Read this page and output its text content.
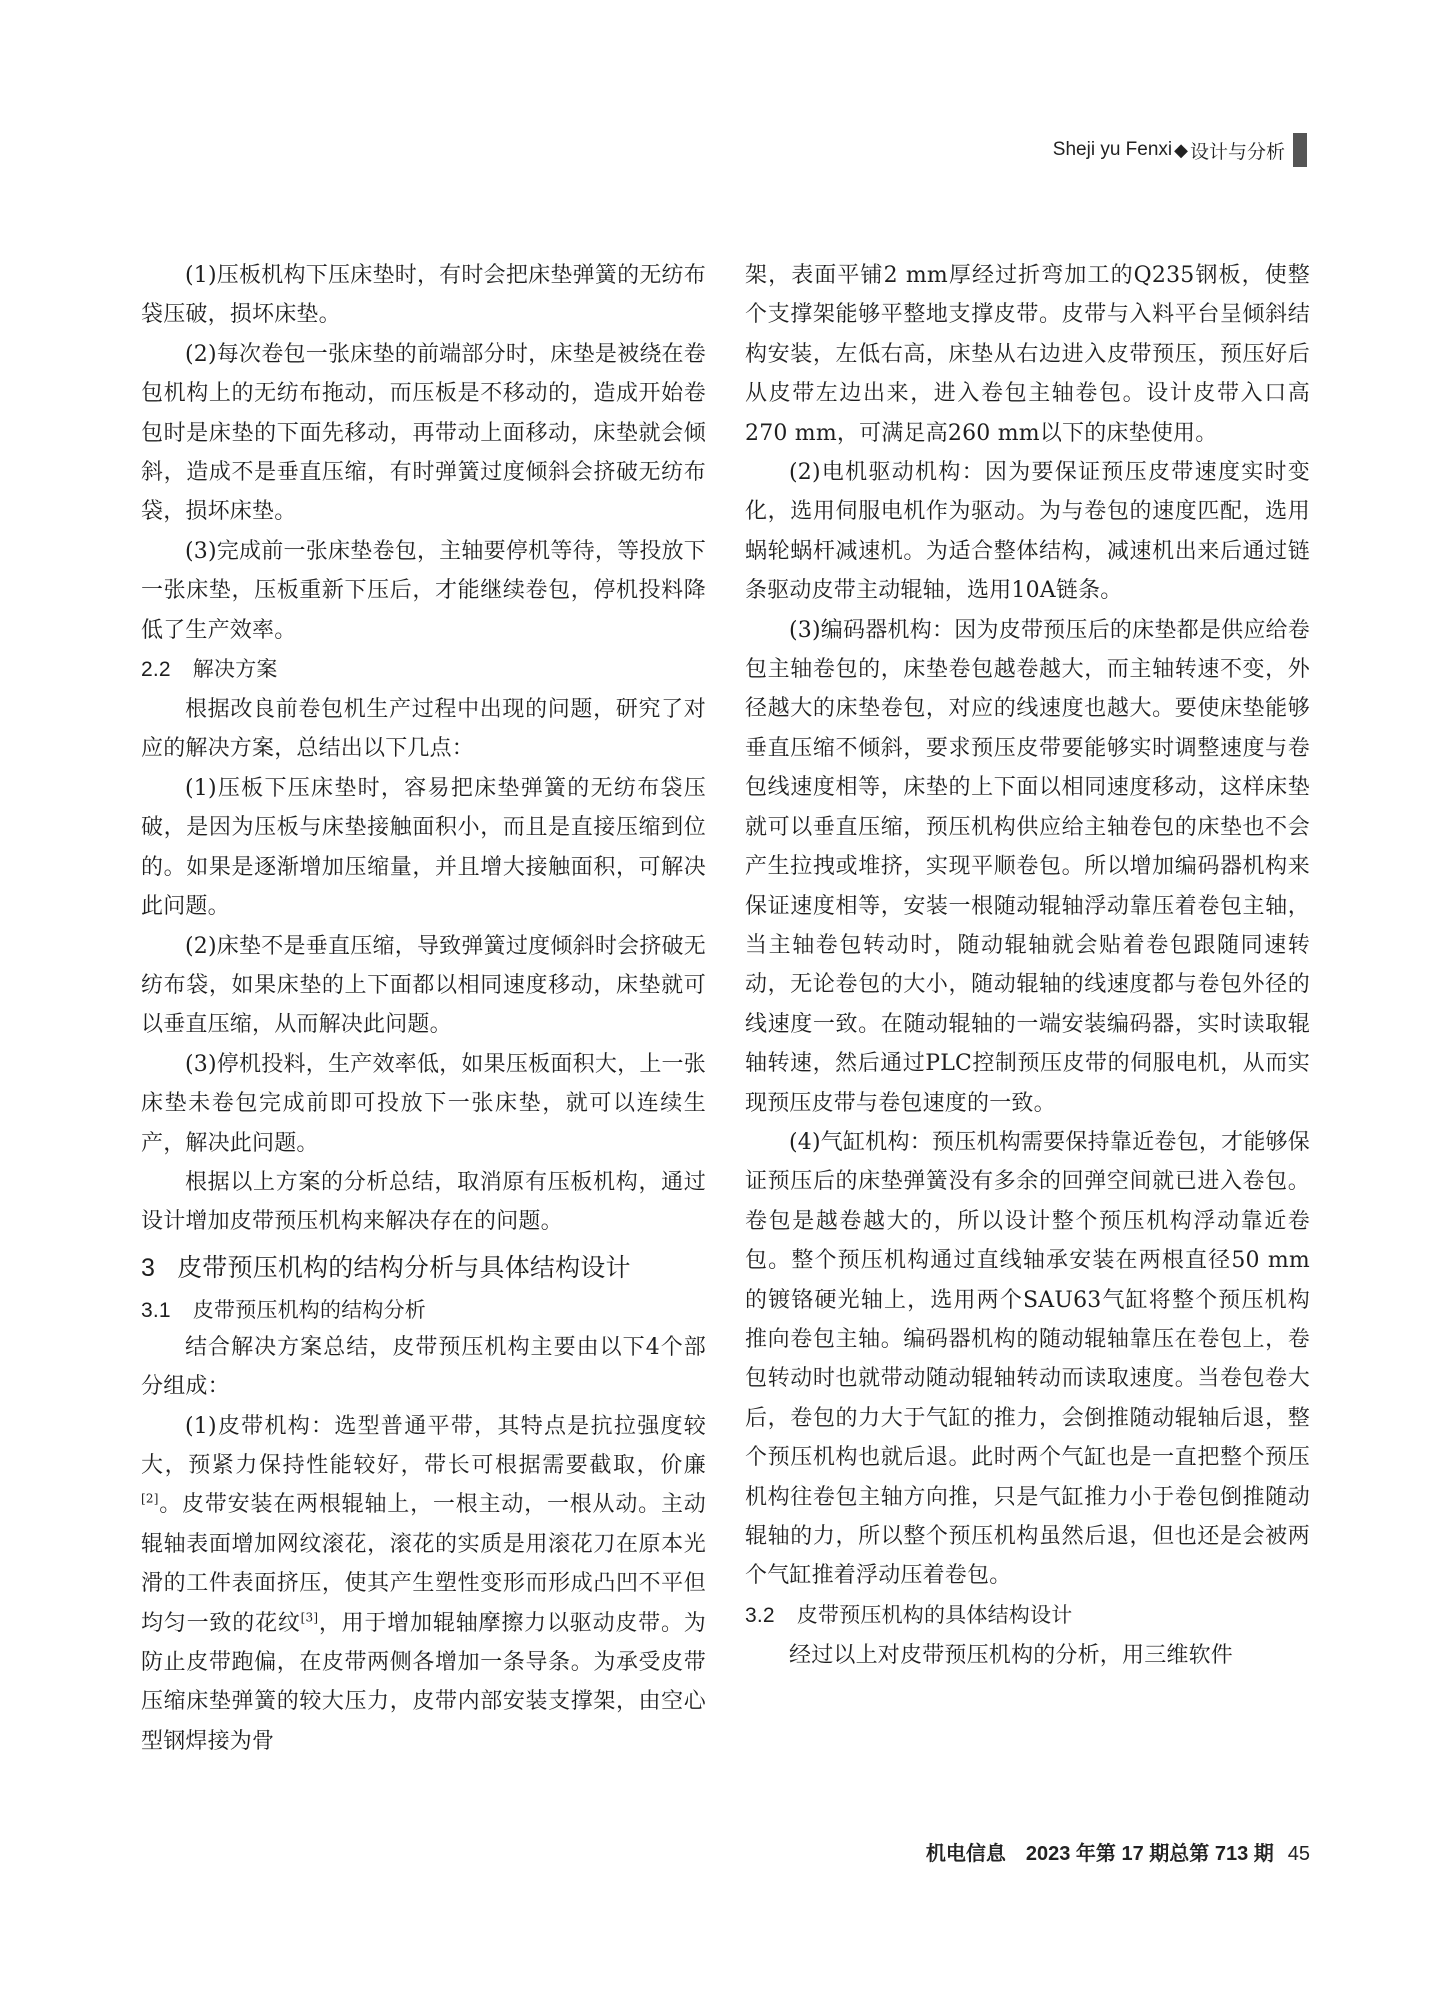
Sheji yu Fenxi ◆ 设计与分析

(1)压板机构下压床垫时，有时会把床垫弹簧的无纺布袋压破，损坏床垫。

(2)每次卷包一张床垫的前端部分时，床垫是被绕在卷包机构上的无纺布拖动，而压板是不移动的，造成开始卷包时是床垫的下面先移动，再带动上面移动，床垫就会倾斜，造成不是垂直压缩，有时弹簧过度倾斜会挤破无纺布袋，损坏床垫。

(3)完成前一张床垫卷包，主轴要停机等待，等投放下一张床垫，压板重新下压后，才能继续卷包，停机投料降低了生产效率。

2.2 解决方案

根据改良前卷包机生产过程中出现的问题，研究了对应的解决方案，总结出以下几点：

(1)压板下压床垫时，容易把床垫弹簧的无纺布袋压破，是因为压板与床垫接触面积小，而且是直接压缩到位的。如果是逐渐增加压缩量，并且增大接触面积，可解决此问题。

(2)床垫不是垂直压缩，导致弹簧过度倾斜时会挤破无纺布袋，如果床垫的上下面都以相同速度移动，床垫就可以垂直压缩，从而解决此问题。

(3)停机投料，生产效率低，如果压板面积大，上一张床垫未卷包完成前即可投放下一张床垫，就可以连续生产，解决此问题。

根据以上方案的分析总结，取消原有压板机构，通过设计增加皮带预压机构来解决存在的问题。

3 皮带预压机构的结构分析与具体结构设计
3.1 皮带预压机构的结构分析

结合解决方案总结，皮带预压机构主要由以下4个部分组成：

(1)皮带机构：选型普通平带，其特点是抗拉强度较大，预紧力保持性能较好，带长可根据需要截取，价廉[2]。皮带安装在两根辊轴上，一根主动，一根从动。主动辊轴表面增加网纹滚花，滚花的实质是用滚花刀在原本光滑的工件表面挤压，使其产生塑性变形而形成凸凹不平但均匀一致的花纹[3]，用于增加辊轴摩擦力以驱动皮带。为防止皮带跑偏，在皮带两侧各增加一条导条。为承受皮带压缩床垫弹簧的较大压力，皮带内部安装支撑架，由空心型钢焊接为骨

架，表面平铺2 mm厚经过折弯加工的Q235钢板，使整个支撑架能够平整地支撑皮带。皮带与入料平台呈倾斜结构安装，左低右高，床垫从右边进入皮带预压，预压好后从皮带左边出来，进入卷包主轴卷包。设计皮带入口高270 mm，可满足高260 mm以下的床垫使用。

(2)电机驱动机构：因为要保证预压皮带速度实时变化，选用伺服电机作为驱动。为与卷包的速度匹配，选用蜗轮蜗杆减速机。为适合整体结构，减速机出来后通过链条驱动皮带主动辊轴，选用10A链条。

(3)编码器机构：因为皮带预压后的床垫都是供应给卷包主轴卷包的，床垫卷包越卷越大，而主轴转速不变，外径越大的床垫卷包，对应的线速度也越大。要使床垫能够垂直压缩不倾斜，要求预压皮带要能够实时调整速度与卷包线速度相等，床垫的上下面以相同速度移动，这样床垫就可以垂直压缩，预压机构供应给主轴卷包的床垫也不会产生拉拽或堆挤，实现平顺卷包。所以增加编码器机构来保证速度相等，安装一根随动辊轴浮动靠压着卷包主轴，当主轴卷包转动时，随动辊轴就会贴着卷包跟随同速转动，无论卷包的大小，随动辊轴的线速度都与卷包外径的线速度一致。在随动辊轴的一端安装编码器，实时读取辊轴转速，然后通过PLC控制预压皮带的伺服电机，从而实现预压皮带与卷包速度的一致。

(4)气缸机构：预压机构需要保持靠近卷包，才能够保证预压后的床垫弹簧没有多余的回弹空间就已进入卷包。卷包是越卷越大的，所以设计整个预压机构浮动靠近卷包。整个预压机构通过直线轴承安装在两根直径50 mm的镀铬硬光轴上，选用两个SAU63气缸将整个预压机构推向卷包主轴。编码器机构的随动辊轴靠压在卷包上，卷包转动时也就带动随动辊轴转动而读取速度。当卷包卷大后，卷包的力大于气缸的推力，会倒推随动辊轴后退，整个预压机构也就后退。此时两个气缸也是一直把整个预压机构往卷包主轴方向推，只是气缸推力小于卷包倒推随动辊轴的力，所以整个预压机构虽然后退，但也还是会被两个气缸推着浮动压着卷包。

3.2 皮带预压机构的具体结构设计

经过以上对皮带预压机构的分析，用三维软件

机电信息　2023 年第 17 期总第 713 期 45
